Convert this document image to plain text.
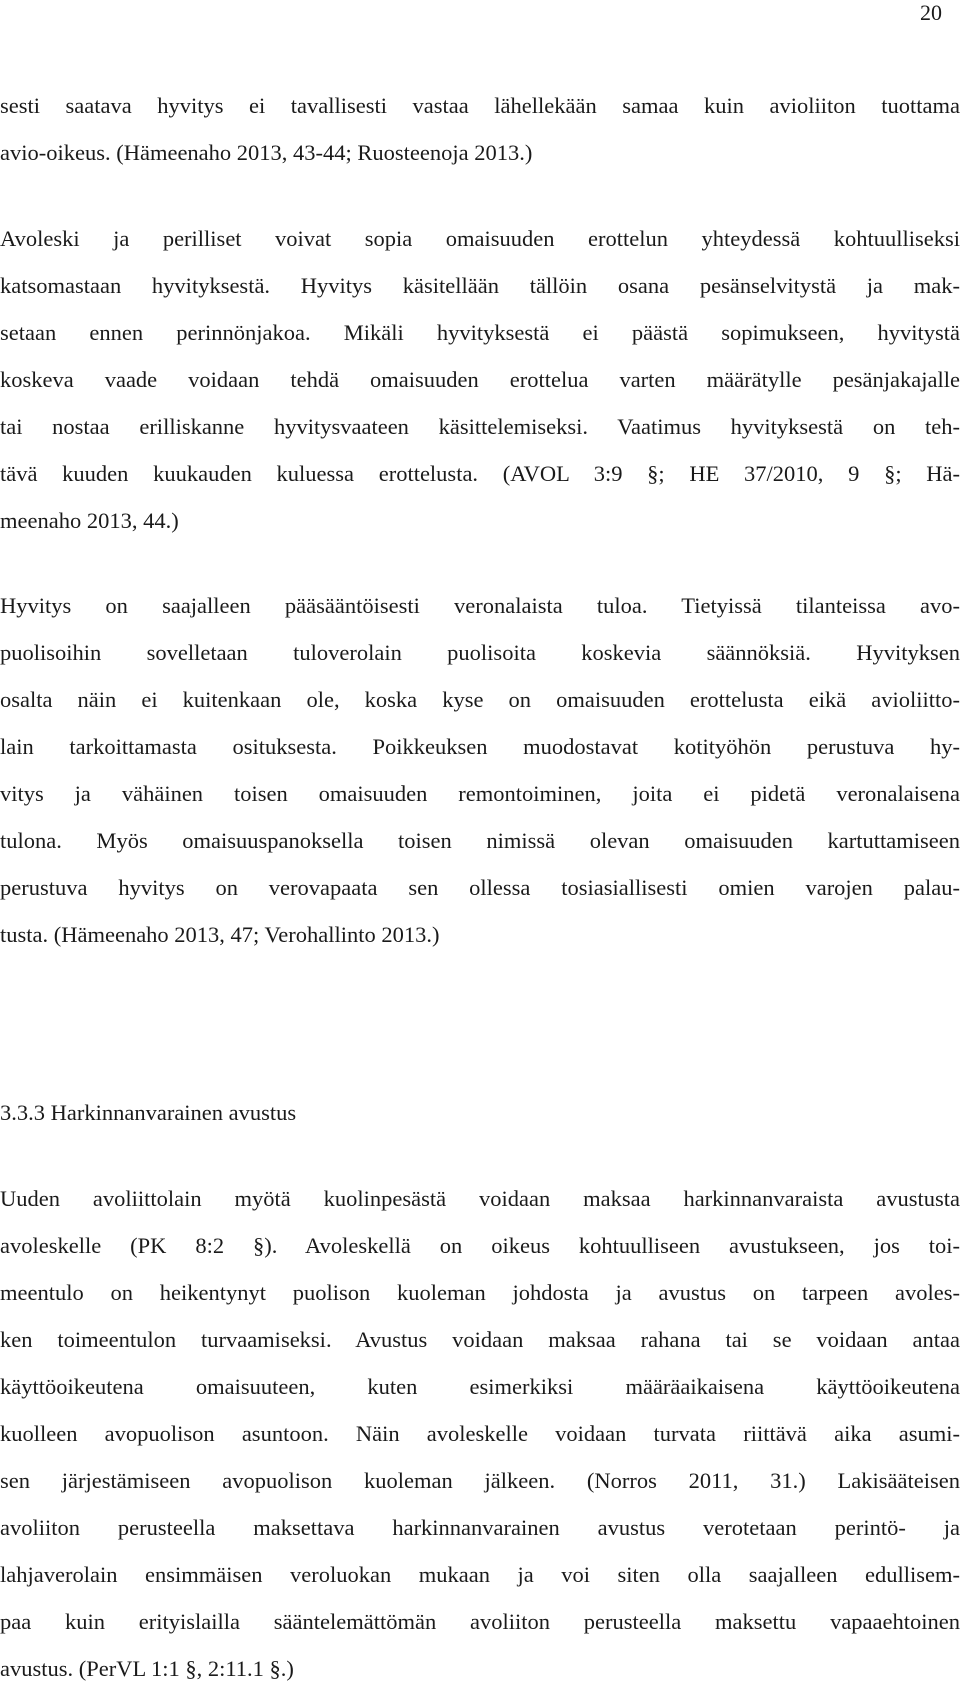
20
sesti saatava hyvitys ei tavallisesti vastaa lähellekään samaa kuin avioliiton tuottama
avio-oikeus. (Hämeenaho 2013, 43-44; Ruosteenoja 2013.)
Avoleski ja perilliset voivat sopia omaisuuden erottelun yhteydessä kohtuulliseksi
katsomastaan hyvityksestä. Hyvitys käsitellään tällöin osana pesänselvitystä ja mak-
setaan ennen perinnönjakoa. Mikäli hyvityksestä ei päästä sopimukseen, hyvitystä
koskeva vaade voidaan tehdä omaisuuden erottelua varten määrätylle pesänjakajalle
tai nostaa erilliskanne hyvitysvaateen käsittelemiseksi. Vaatimus hyvityksestä on teh-
tävä kuuden kuukauden kuluessa erottelusta. (AVOL 3:9 §; HE 37/2010, 9 §; Hä-
meenaho 2013, 44.)
Hyvitys on saajalleen pääsääntöisesti veronalaista tuloa. Tietyissä tilanteissa avo-
puolisoihin sovelletaan tuloverolain puolisoita koskevia säännöksiä. Hyvityksen
osalta näin ei kuitenkaan ole, koska kyse on omaisuuden erottelusta eikä avioliitto-
lain tarkoittamasta osituksesta. Poikkeuksen muodostavat kotityöhön perustuva hy-
vitys ja vähäinen toisen omaisuuden remontoiminen, joita ei pidetä veronalaisena
tulona. Myös omaisuuspanoksella toisen nimissä olevan omaisuuden kartuttamiseen
perustuva hyvitys on verovapaata sen ollessa tosiasiallisesti omien varojen palau-
tusta. (Hämeenaho 2013, 47; Verohallinto 2013.)
3.3.3 Harkinnanvarainen avustus
Uuden avoliittolain myötä kuolinpesästä voidaan maksaa harkinnanvaraista avustusta
avoleskelle (PK 8:2 §). Avoleskellä on oikeus kohtuulliseen avustukseen, jos toi-
meentulo on heikentynyt puolison kuoleman johdosta ja avustus on tarpeen avoles-
ken toimeentulon turvaamiseksi. Avustus voidaan maksaa rahana tai se voidaan antaa
käyttöoikeutena omaisuuteen, kuten esimerkiksi määräaikaisena käyttöoikeutena
kuolleen avopuolison asuntoon. Näin avoleskelle voidaan turvata riittävä aika asumi-
sen järjestämiseen avopuolison kuoleman jälkeen. (Norros 2011, 31.) Lakisääteisen
avoliiton perusteella maksettava harkinnanvarainen avustus verotetaan perintö- ja
lahjaverolain ensimmäisen veroluokan mukaan ja voi siten olla saajalleen edullisem-
paa kuin erityislailla sääntelemättömän avoliiton perusteella maksettu vapaaehtoinen
avustus. (PerVL 1:1 §, 2:11.1 §.)
